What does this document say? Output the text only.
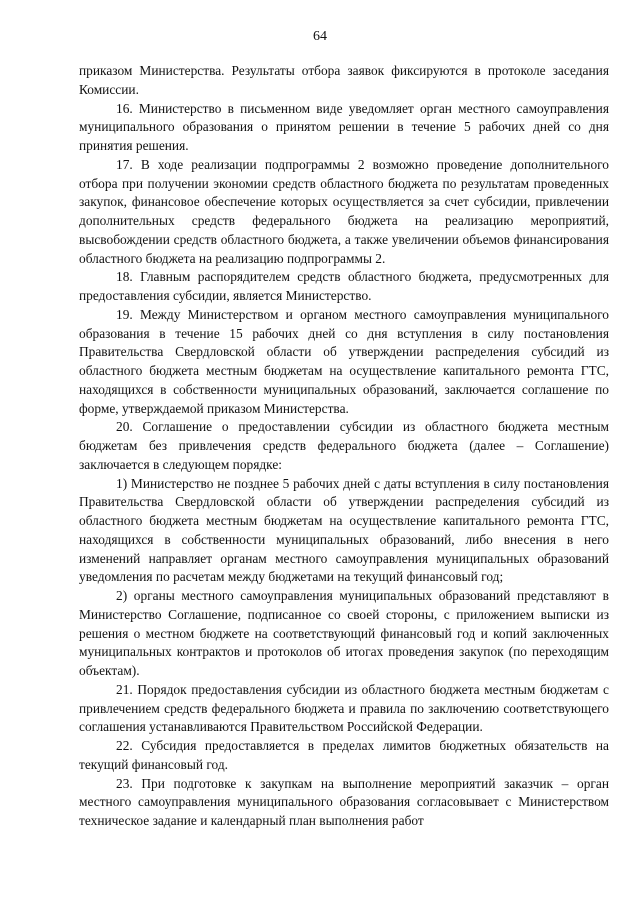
64

приказом Министерства. Результаты отбора заявок фиксируются в протоколе заседания Комиссии.

16. Министерство в письменном виде уведомляет орган местного самоуправления муниципального образования о принятом решении в течение 5 рабочих дней со дня принятия решения.

17. В ходе реализации подпрограммы 2 возможно проведение дополнительного отбора при получении экономии средств областного бюджета по результатам проведенных закупок, финансовое обеспечение которых осуществляется за счет субсидии, привлечении дополнительных средств федерального бюджета на реализацию мероприятий, высвобождении средств областного бюджета, а также увеличении объемов финансирования областного бюджета на реализацию подпрограммы 2.

18. Главным распорядителем средств областного бюджета, предусмотренных для предоставления субсидии, является Министерство.

19. Между Министерством и органом местного самоуправления муниципального образования в течение 15 рабочих дней со дня вступления в силу постановления Правительства Свердловской области об утверждении распределения субсидий из областного бюджета местным бюджетам на осуществление капитального ремонта ГТС, находящихся в собственности муниципальных образований, заключается соглашение по форме, утверждаемой приказом Министерства.

20. Соглашение о предоставлении субсидии из областного бюджета местным бюджетам без привлечения средств федерального бюджета (далее – Соглашение) заключается в следующем порядке:

1) Министерство не позднее 5 рабочих дней с даты вступления в силу постановления Правительства Свердловской области об утверждении распределения субсидий из областного бюджета местным бюджетам на осуществление капитального ремонта ГТС, находящихся в собственности муниципальных образований, либо внесения в него изменений направляет органам местного самоуправления муниципальных образований уведомления по расчетам между бюджетами на текущий финансовый год;

2) органы местного самоуправления муниципальных образований представляют в Министерство Соглашение, подписанное со своей стороны, с приложением выписки из решения о местном бюджете на соответствующий финансовый год и копий заключенных муниципальных контрактов и протоколов об итогах проведения закупок (по переходящим объектам).

21. Порядок предоставления субсидии из областного бюджета местным бюджетам с привлечением средств федерального бюджета и правила по заключению соответствующего соглашения устанавливаются Правительством Российской Федерации.

22. Субсидия предоставляется в пределах лимитов бюджетных обязательств на текущий финансовый год.

23. При подготовке к закупкам на выполнение мероприятий заказчик – орган местного самоуправления муниципального образования согласовывает с Министерством техническое задание и календарный план выполнения работ
